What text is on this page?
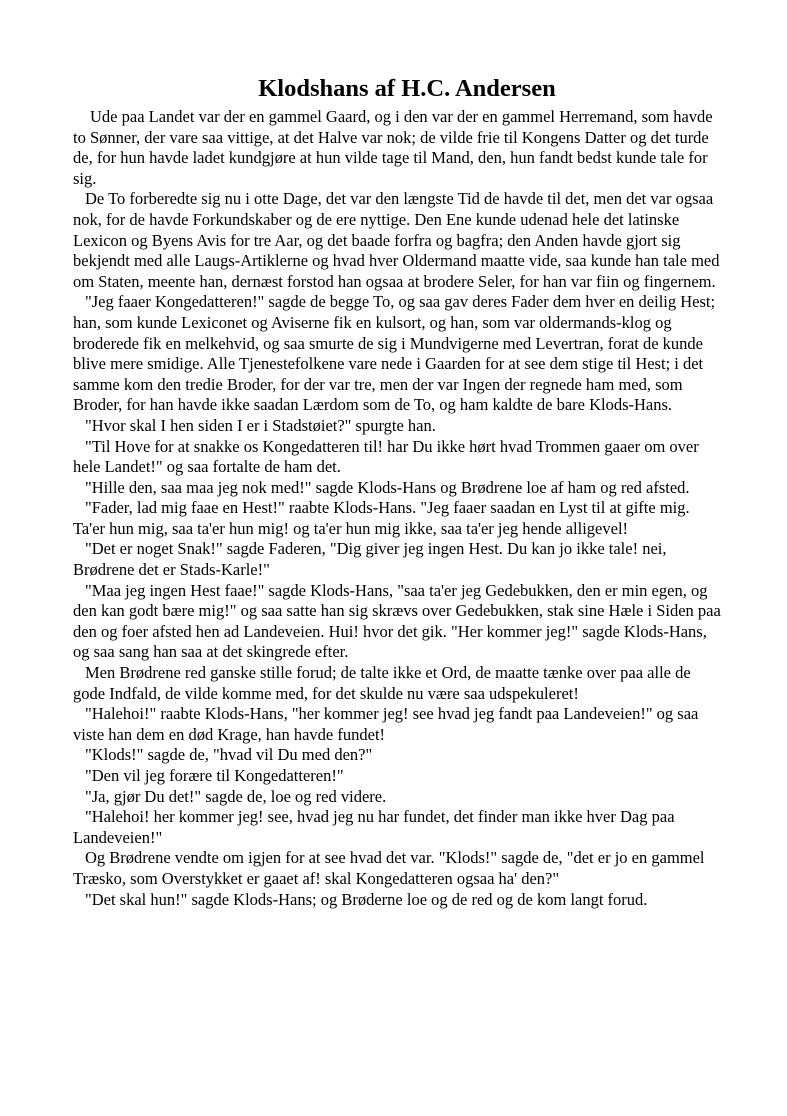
Klodshans af H.C. Andersen

Ude paa Landet var der en gammel Gaard, og i den var der en gammel Herremand, som havde to Sønner, der vare saa vittige, at det Halve var nok; de vilde frie til Kongens Datter og det turde de, for hun havde ladet kundgjøre at hun vilde tage til Mand, den, hun fandt bedst kunde tale for sig.

De To forberedte sig nu i otte Dage, det var den længste Tid de havde til det, men det var ogsaa nok, for de havde Forkundskaber og de ere nyttige. Den Ene kunde udenad hele det latinske Lexicon og Byens Avis for tre Aar, og det baade forfra og bagfra; den Anden havde gjort sig bekjendt med alle Laugs-Artiklerne og hvad hver Oldermand maatte vide, saa kunde han tale med om Staten, meente han, dernæst forstod han ogsaa at brodere Seler, for han var fiin og fingernem.

"Jeg faaer Kongedatteren!" sagde de begge To, og saa gav deres Fader dem hver en deilig Hest; han, som kunde Lexiconet og Aviserne fik en kulsort, og han, som var oldermands-klog og broderede fik en melkehvid, og saa smurte de sig i Mundvigerne med Levertran, forat de kunde blive mere smidige. Alle Tjenestefolkene vare nede i Gaarden for at see dem stige til Hest; i det samme kom den tredie Broder, for der var tre, men der var Ingen der regnede ham med, som Broder, for han havde ikke saadan Lærdom som de To, og ham kaldte de bare Klods-Hans.

"Hvor skal I hen siden I er i Stadstøiet?" spurgte han.

"Til Hove for at snakke os Kongedatteren til! har Du ikke hørt hvad Trommen gaaer om over hele Landet!" og saa fortalte de ham det.

"Hille den, saa maa jeg nok med!" sagde Klods-Hans og Brødrene loe af ham og red afsted.

"Fader, lad mig faae en Hest!" raabte Klods-Hans. "Jeg faaer saadan en Lyst til at gifte mig. Ta'er hun mig, saa ta'er hun mig! og ta'er hun mig ikke, saa ta'er jeg hende alligevel!

"Det er noget Snak!" sagde Faderen, "Dig giver jeg ingen Hest. Du kan jo ikke tale! nei, Brødrene det er Stads-Karle!"

"Maa jeg ingen Hest faae!" sagde Klods-Hans, "saa ta'er jeg Gedebukken, den er min egen, og den kan godt bære mig!" og saa satte han sig skrævs over Gedebukken, stak sine Hæle i Siden paa den og foer afsted hen ad Landeveien. Hui! hvor det gik. "Her kommer jeg!" sagde Klods-Hans, og saa sang han saa at det skingrede efter.

Men Brødrene red ganske stille forud; de talte ikke et Ord, de maatte tænke over paa alle de gode Indfald, de vilde komme med, for det skulde nu være saa udspekuleret!

"Halehoi!" raabte Klods-Hans, "her kommer jeg! see hvad jeg fandt paa Landeveien!" og saa viste han dem en død Krage, han havde fundet!

"Klods!" sagde de, "hvad vil Du med den?"

"Den vil jeg forære til Kongedatteren!"

"Ja, gjør Du det!" sagde de, loe og red videre.

"Halehoi! her kommer jeg! see, hvad jeg nu har fundet, det finder man ikke hver Dag paa Landeveien!"

Og Brødrene vendte om igjen for at see hvad det var. "Klods!" sagde de, "det er jo en gammel Træsko, som Overstykket er gaaet af! skal Kongedatteren ogsaa ha' den?"

"Det skal hun!" sagde Klods-Hans; og Brøderne loe og de red og de kom langt forud.
